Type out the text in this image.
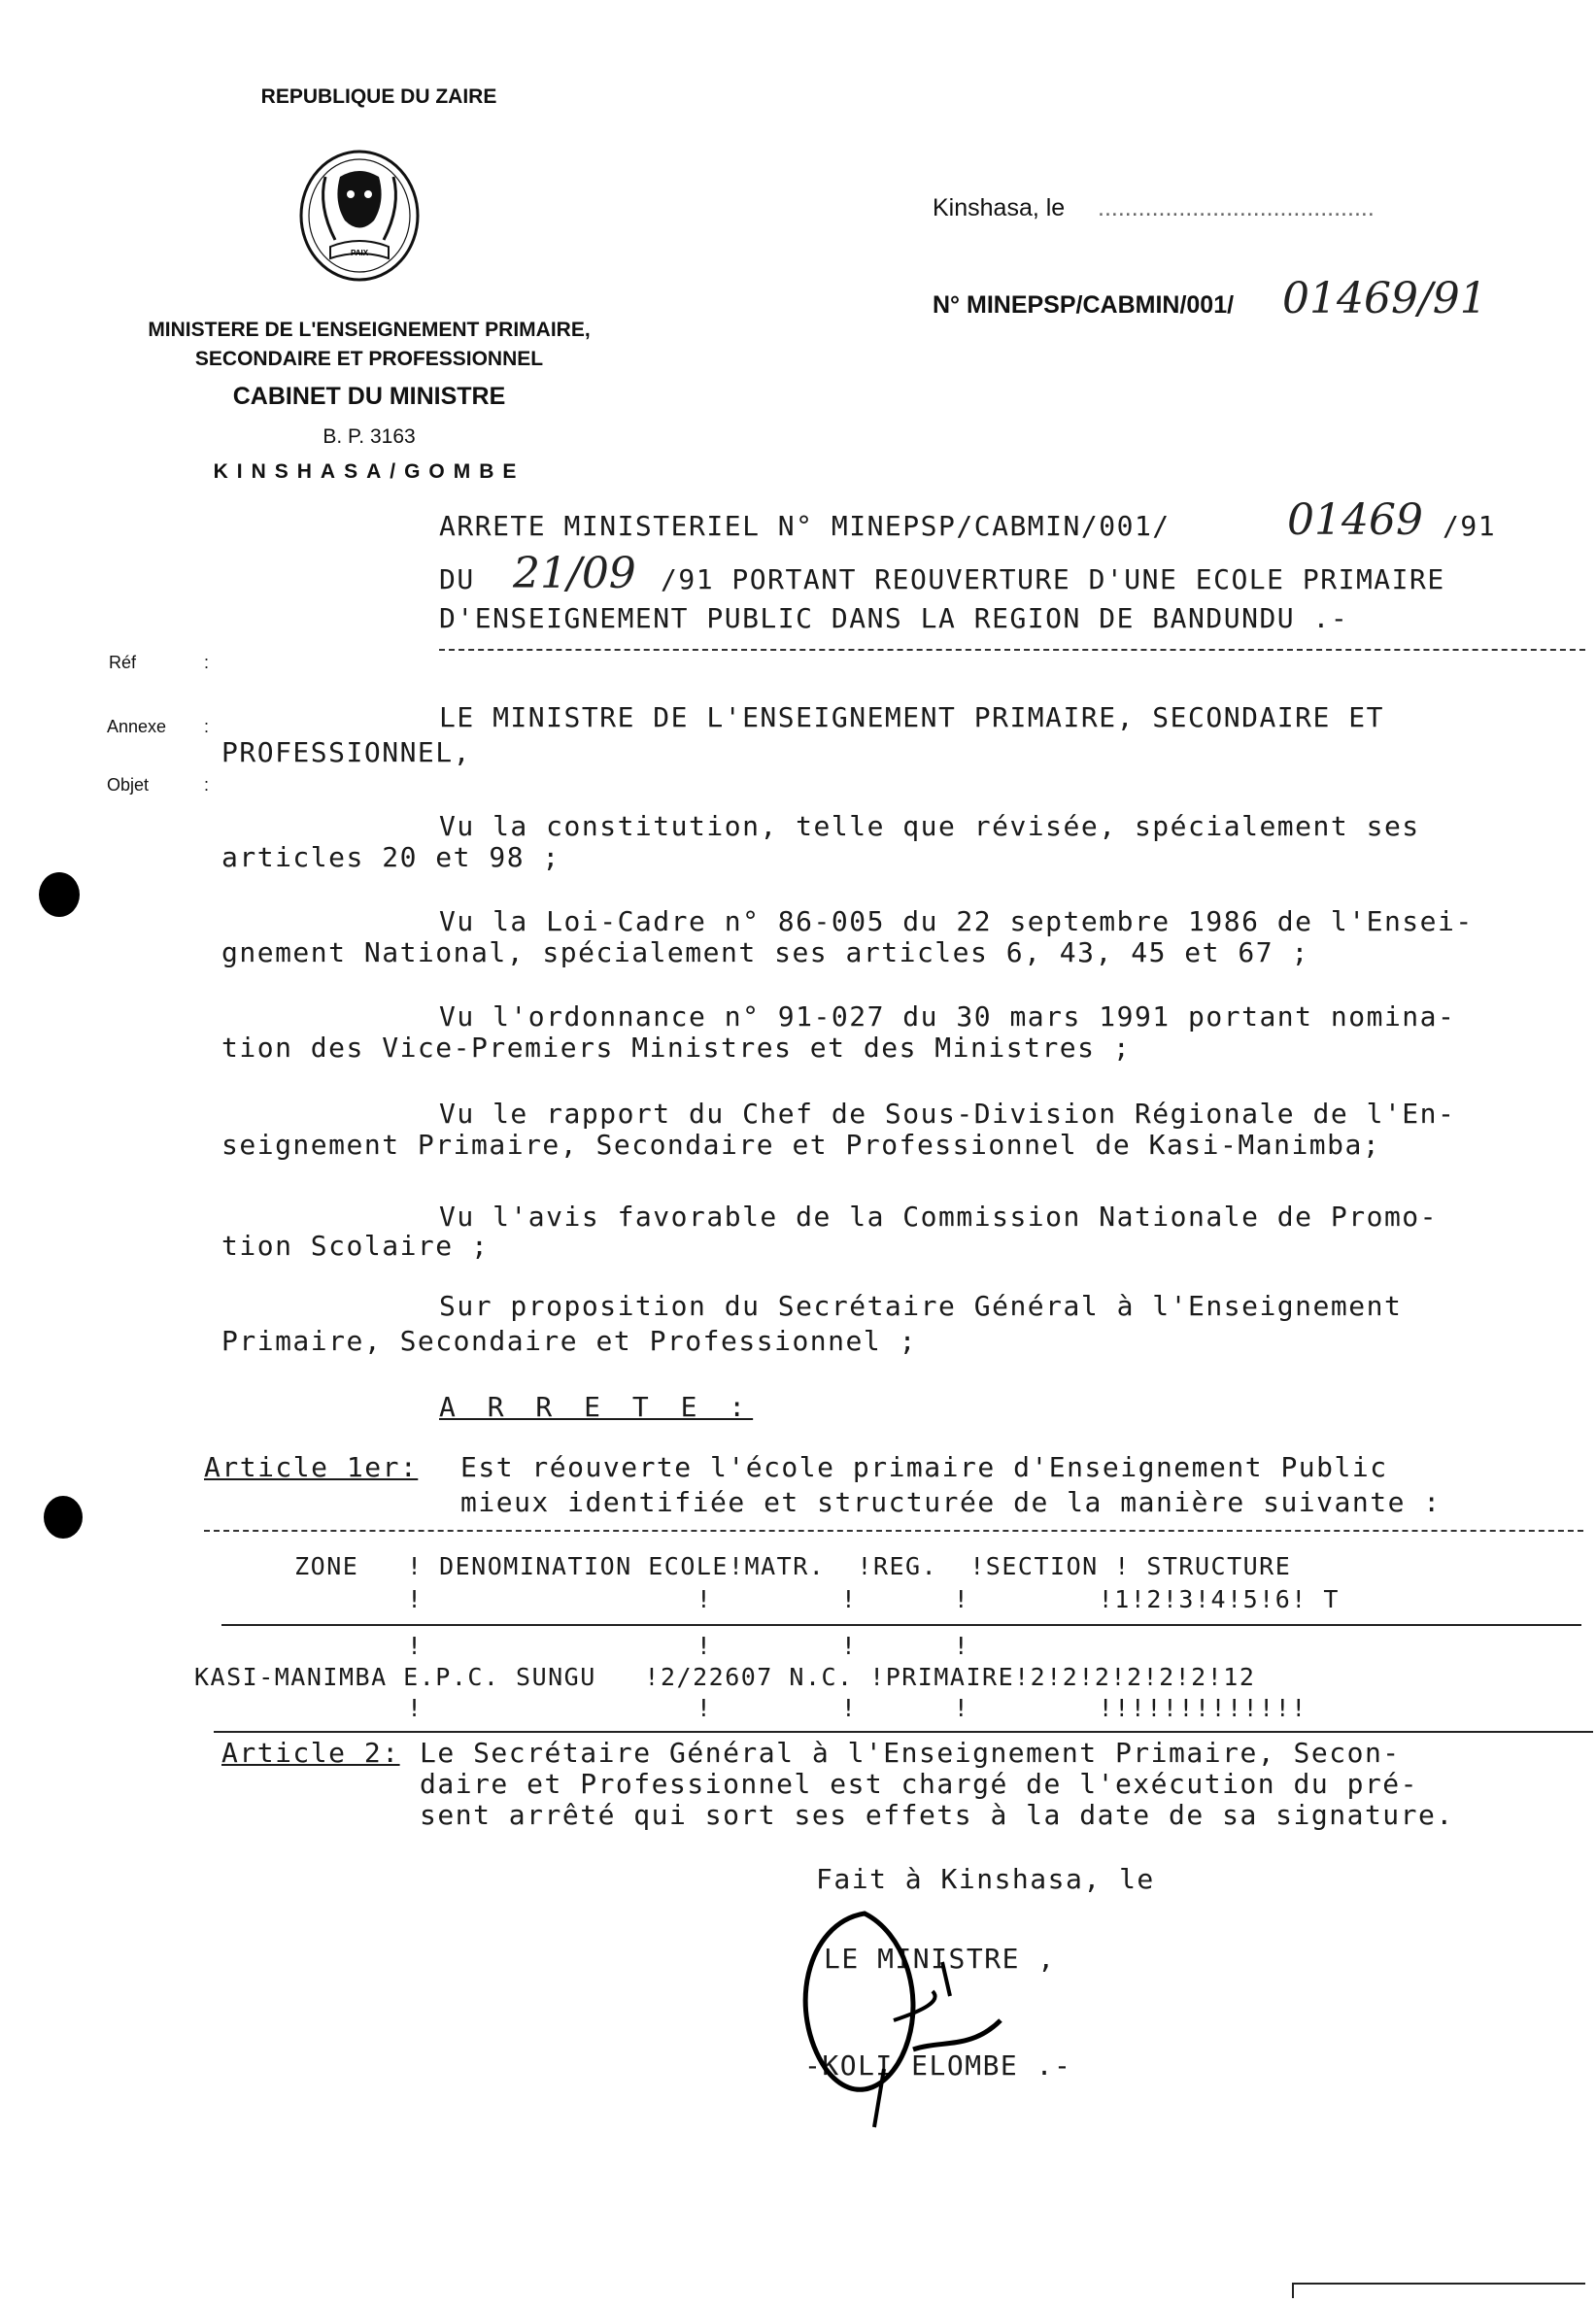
REPUBLIQUE DU ZAIRE
PAIX
MINISTERE DE L'ENSEIGNEMENT PRIMAIRE,
SECONDAIRE ET PROFESSIONNEL
CABINET DU MINISTRE
B. P. 3163
KINSHASA/GOMBE
Kinshasa, le .........................................
N° MINEPSP/CABMIN/001/ 01469/91
Réf	:
Annexe :
Objet	:
ARRETE MINISTERIEL N° MINEPSP/CABMIN/001/	01469 /91
DU 21/09 /91 PORTANT REOUVERTURE D'UNE ECOLE PRIMAIRE
D'ENSEIGNEMENT PUBLIC DANS LA REGION DE BANDUNDU .-
LE MINISTRE DE L'ENSEIGNEMENT PRIMAIRE, SECONDAIRE ET
PROFESSIONNEL,
Vu la constitution, telle que révisée, spécialement ses
articles 20 et 98 ;
Vu la Loi-Cadre n° 86-005 du 22 septembre 1986 de l'Ensei-
gnement National, spécialement ses articles 6, 43, 45 et 67 ;
Vu l'ordonnance n° 91-027 du 30 mars 1991 portant nomina-
tion des Vice-Premiers Ministres et des Ministres ;
Vu le rapport du Chef de Sous-Division Régionale de l'En-
seignement Primaire, Secondaire et Professionnel de Kasi-Manimba;
Vu l'avis favorable de la Commission Nationale de Promo-
tion Scolaire ;
Sur proposition du Secrétaire Général à l'Enseignement
Primaire, Secondaire et Professionnel ;
A R R E T E :
Article 1er: Est réouverte l'école primaire d'Enseignement Public
mieux identifiée et structurée de la manière suivante :
ZONE   ! DENOMINATION ECOLE!MATR.  !REG.  !SECTION ! STRUCTURE
!                 !        !      !        !1!2!3!4!5!6! T
!                 !        !      !
KASI-MANIMBA E.P.C. SUNGU   !2/22607 N.C. !PRIMAIRE!2!2!2!2!2!2!12
!                 !        !      !        !!!!!!!!!!!!!
Article 2: Le Secrétaire Général à l'Enseignement Primaire, Secon-
daire et Professionnel est chargé de l'exécution du pré-
sent arrêté qui sort ses effets à la date de sa signature.
Fait à Kinshasa, le
LE MINISTRE ,
-KOLI ELOMBE .-
